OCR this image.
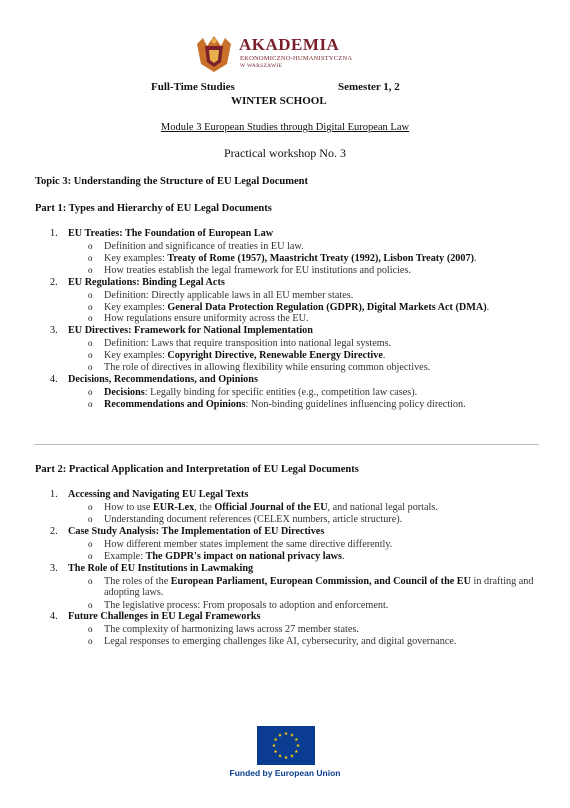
AKADEMIA
EKONOMICZNO-HUMANISTYCZNA
W WARSZAWIE
Full-Time Studies	Semester 1, 2
WINTER SCHOOL
Module 3 European Studies through Digital European Law
Practical workshop No. 3
Topic 3: Understanding the Structure of EU Legal Document
Part 1: Types and Hierarchy of EU Legal Documents
1. EU Treaties: The Foundation of European Law
o Definition and significance of treaties in EU law.
o Key examples: Treaty of Rome (1957), Maastricht Treaty (1992), Lisbon Treaty (2007).
o How treaties establish the legal framework for EU institutions and policies.
2. EU Regulations: Binding Legal Acts
o Definition: Directly applicable laws in all EU member states.
o Key examples: General Data Protection Regulation (GDPR), Digital Markets Act (DMA).
o How regulations ensure uniformity across the EU.
3. EU Directives: Framework for National Implementation
o Definition: Laws that require transposition into national legal systems.
o Key examples: Copyright Directive, Renewable Energy Directive.
o The role of directives in allowing flexibility while ensuring common objectives.
4. Decisions, Recommendations, and Opinions
o Decisions: Legally binding for specific entities (e.g., competition law cases).
o Recommendations and Opinions: Non-binding guidelines influencing policy direction.
Part 2: Practical Application and Interpretation of EU Legal Documents
1. Accessing and Navigating EU Legal Texts
o How to use EUR-Lex, the Official Journal of the EU, and national legal portals.
o Understanding document references (CELEX numbers, article structure).
2. Case Study Analysis: The Implementation of EU Directives
o How different member states implement the same directive differently.
o Example: The GDPR's impact on national privacy laws.
3. The Role of EU Institutions in Lawmaking
o The roles of the European Parliament, European Commission, and Council of the EU in drafting and adopting laws.
o The legislative process: From proposals to adoption and enforcement.
4. Future Challenges in EU Legal Frameworks
o The complexity of harmonizing laws across 27 member states.
o Legal responses to emerging challenges like AI, cybersecurity, and digital governance.
Funded by European Union
